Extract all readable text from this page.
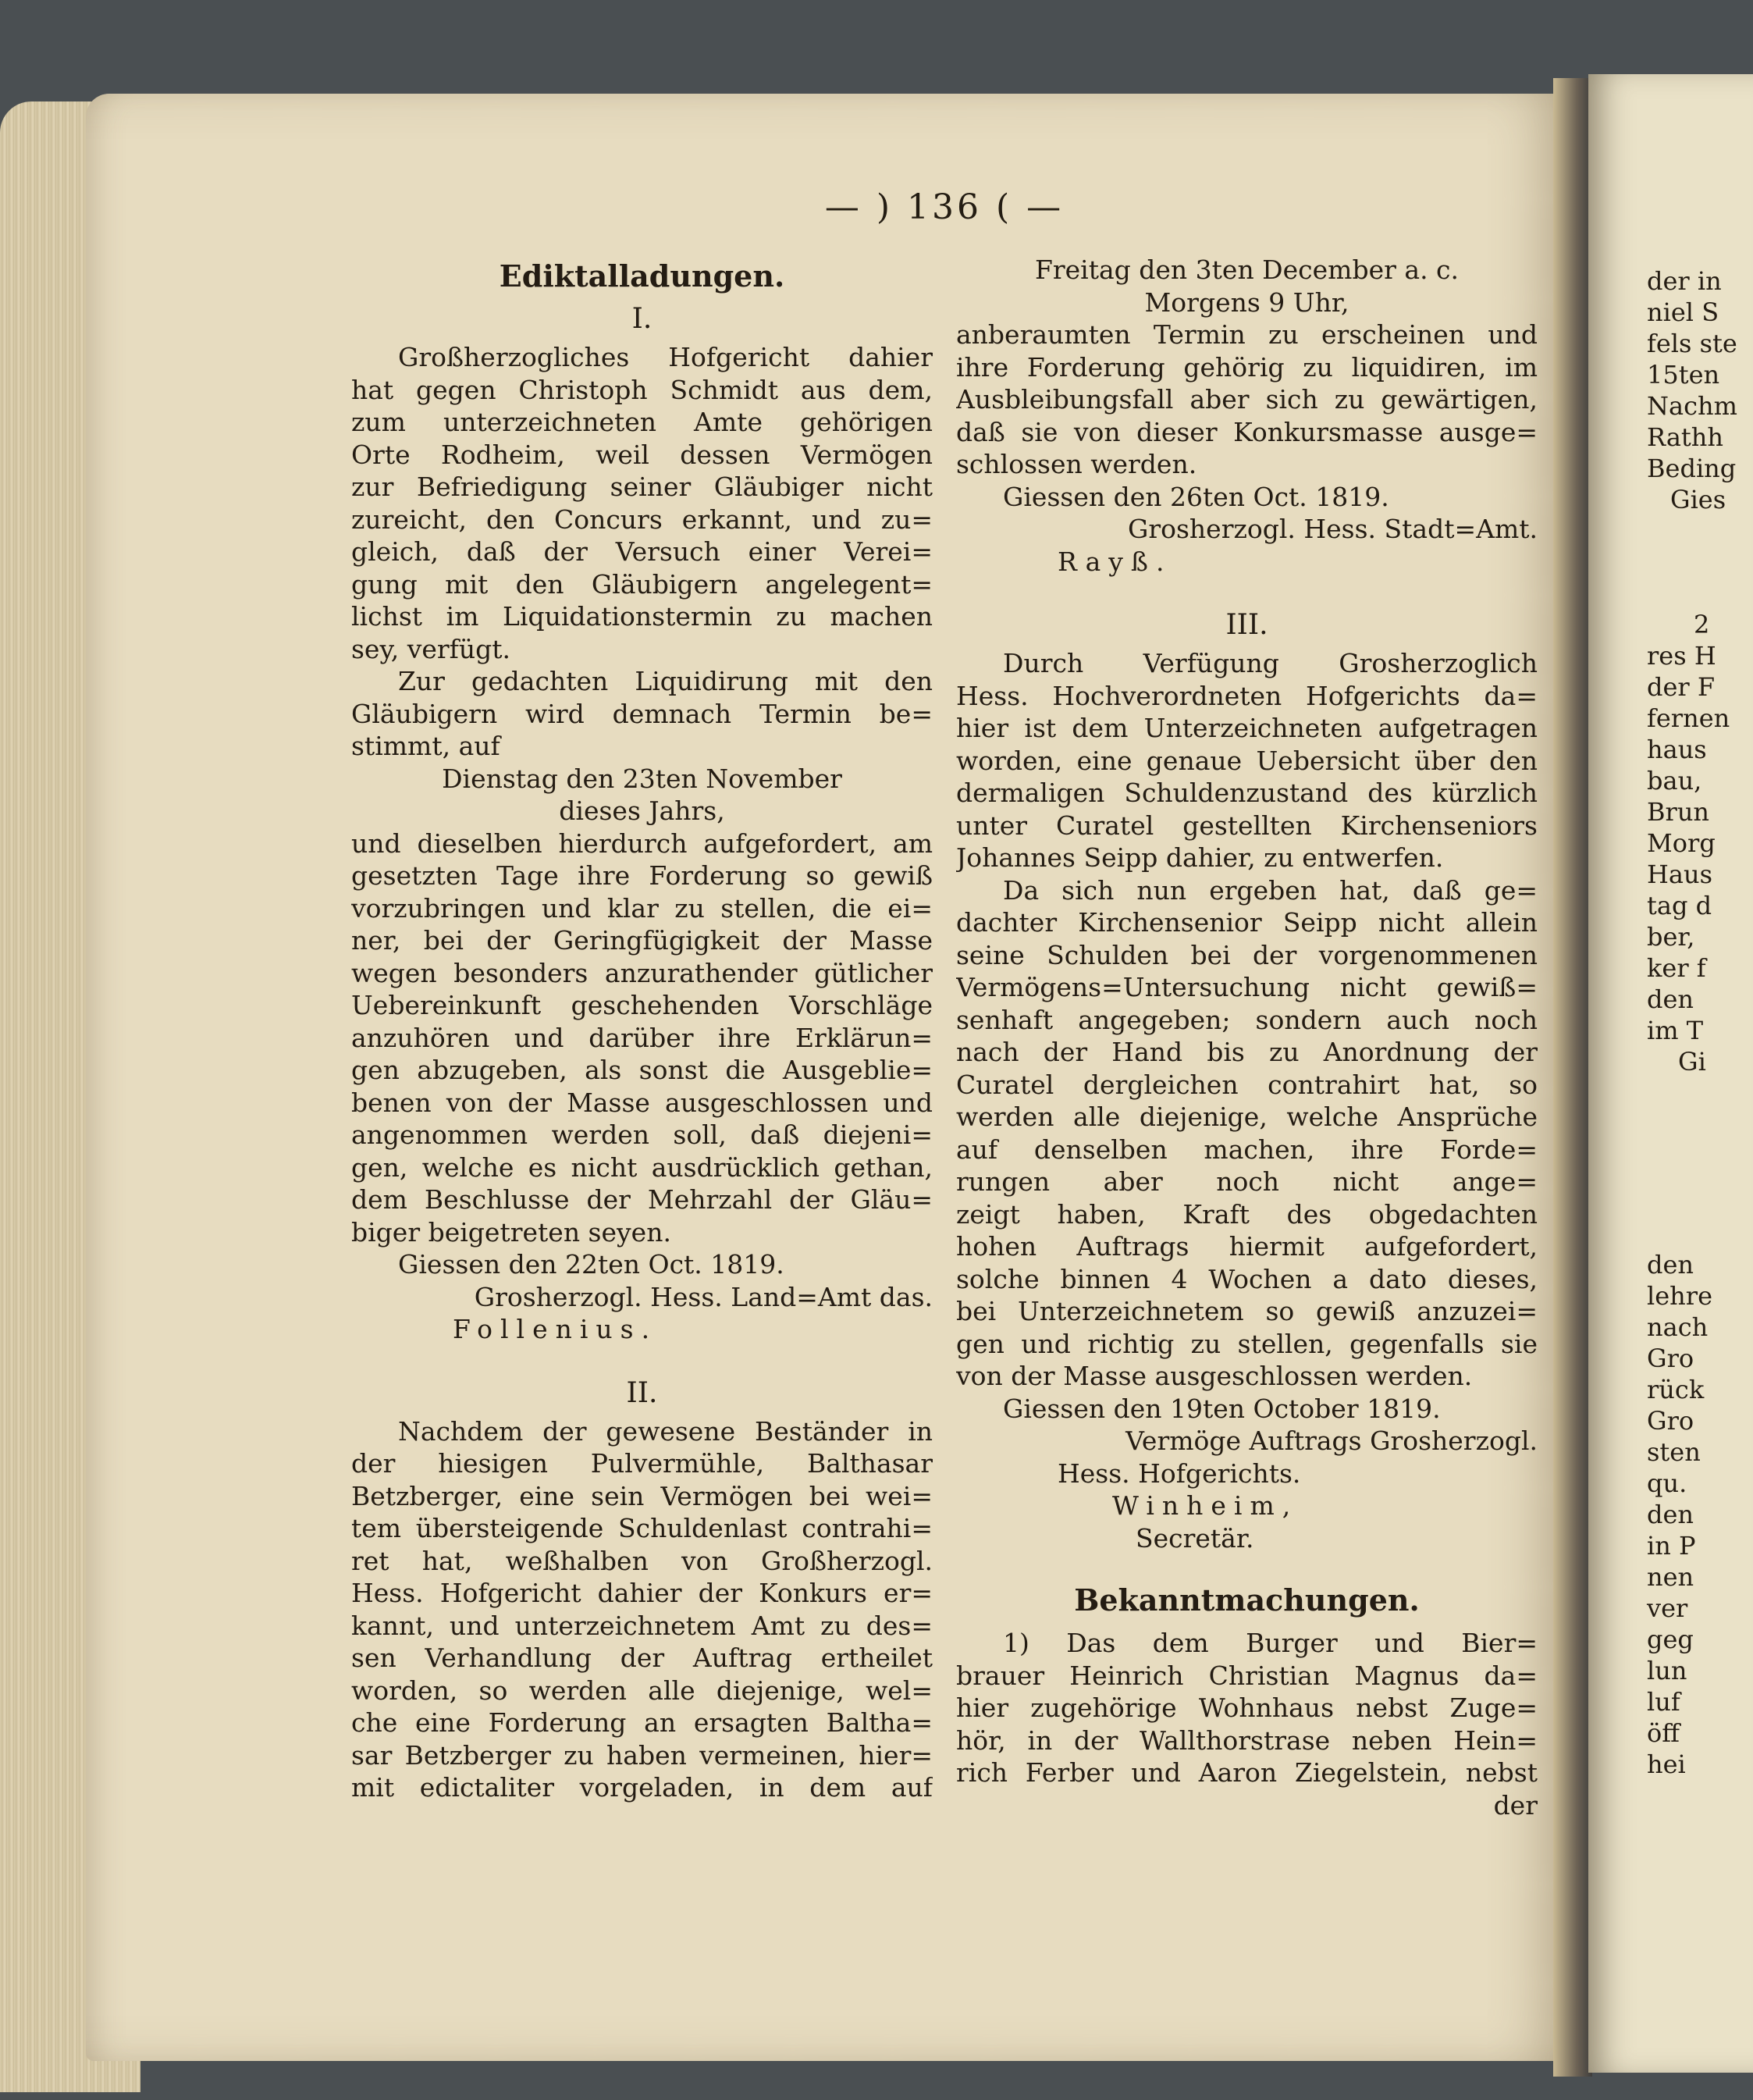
— ) 136 ( —
Ediktalladungen.
I.
Großherzogliches Hofgericht dahier
hat gegen Christoph Schmidt aus dem,
zum unterzeichneten Amte gehörigen
Orte Rodheim, weil dessen Vermögen
zur Befriedigung seiner Gläubiger nicht
zureicht, den Concurs erkannt, und zu=
gleich, daß der Versuch einer Verei=
gung mit den Gläubigern angelegent=
lichst im Liquidationstermin zu machen
sey, verfügt.
Zur gedachten Liquidirung mit den
Gläubigern wird demnach Termin be=
stimmt, auf
Dienstag den 23ten November
dieses Jahrs,
und dieselben hierdurch aufgefordert, am
gesetzten Tage ihre Forderung so gewiß
vorzubringen und klar zu stellen, die ei=
ner, bei der Geringfügigkeit der Masse
wegen besonders anzurathender gütlicher
Uebereinkunft geschehenden Vorschläge
anzuhören und darüber ihre Erklärun=
gen abzugeben, als sonst die Ausgeblie=
benen von der Masse ausgeschlossen und
angenommen werden soll, daß diejeni=
gen, welche es nicht ausdrücklich gethan,
dem Beschlusse der Mehrzahl der Gläu=
biger beigetreten seyen.
Giessen den 22ten Oct. 1819.
Grosherzogl. Hess. Land=Amt das.
Follenius.
II.
Nachdem der gewesene Beständer in
der hiesigen Pulvermühle, Balthasar
Betzberger, eine sein Vermögen bei wei=
tem übersteigende Schuldenlast contrahi=
ret hat, weßhalben von Großherzogl.
Hess. Hofgericht dahier der Konkurs er=
kannt, und unterzeichnetem Amt zu des=
sen Verhandlung der Auftrag ertheilet
worden, so werden alle diejenige, wel=
che eine Forderung an ersagten Baltha=
sar Betzberger zu haben vermeinen, hier=
mit edictaliter vorgeladen, in dem auf
Freitag den 3ten December a. c.
Morgens 9 Uhr,
anberaumten Termin zu erscheinen und
ihre Forderung gehörig zu liquidiren, im
Ausbleibungsfall aber sich zu gewärtigen,
daß sie von dieser Konkursmasse ausge=
schlossen werden.
Giessen den 26ten Oct. 1819.
Grosherzogl. Hess. Stadt=Amt.
Rayß.
III.
Durch Verfügung Grosherzoglich
Hess. Hochverordneten Hofgerichts da=
hier ist dem Unterzeichneten aufgetragen
worden, eine genaue Uebersicht über den
dermaligen Schuldenzustand des kürzlich
unter Curatel gestellten Kirchenseniors
Johannes Seipp dahier, zu entwerfen.
Da sich nun ergeben hat, daß ge=
dachter Kirchensenior Seipp nicht allein
seine Schulden bei der vorgenommenen
Vermögens=Untersuchung nicht gewiß=
senhaft angegeben; sondern auch noch
nach der Hand bis zu Anordnung der
Curatel dergleichen contrahirt hat, so
werden alle diejenige, welche Ansprüche
auf denselben machen, ihre Forde=
rungen aber noch nicht ange=
zeigt haben, Kraft des obgedachten
hohen Auftrags hiermit aufgefordert,
solche binnen 4 Wochen a dato dieses,
bei Unterzeichnetem so gewiß anzuzei=
gen und richtig zu stellen, gegenfalls sie
von der Masse ausgeschlossen werden.
Giessen den 19ten October 1819.
Vermöge Auftrags Grosherzogl.
Hess. Hofgerichts.
Winheim,
Secretär.
Bekanntmachungen.
1) Das dem Burger und Bier=
brauer Heinrich Christian Magnus da=
hier zugehörige Wohnhaus nebst Zuge=
hör, in der Wallthorstrase neben Hein=
rich Ferber und Aaron Ziegelstein, nebst
der
der in
niel S
fels ste
15ten
Nachm
Rathh
Beding
Gies
2
res H
der F
fernen
haus
bau,
Brun
Morg
Haus
tag d
ber,
ker f
den
im T
Gi
den
lehre
nach
Gro
rück
Gro
sten
qu.
den
in P
nen
ver
geg
lun
luf
öff
hei
